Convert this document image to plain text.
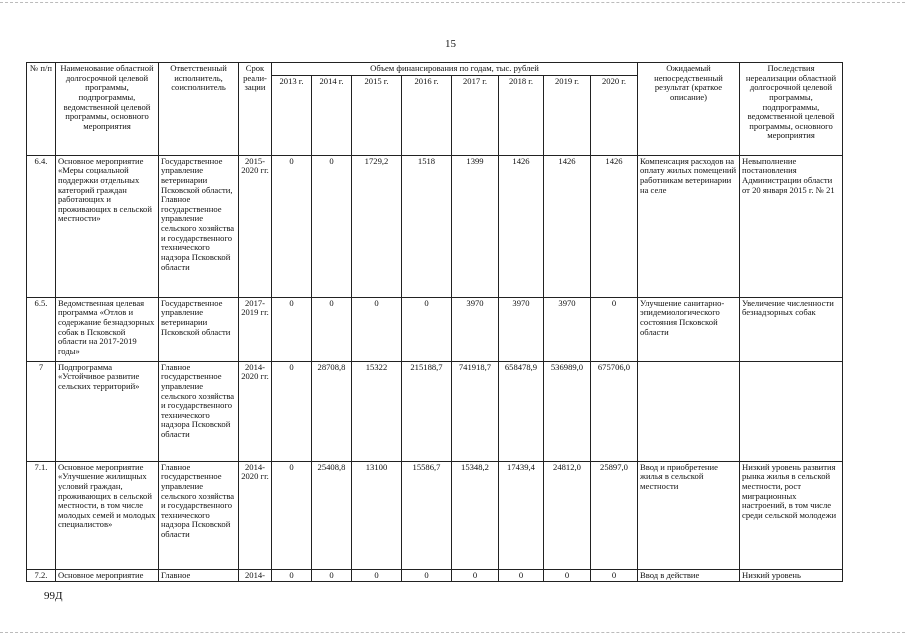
15
№ п/п	Наименование областной долгосрочной целевой программы, подпрограммы, ведомственной целевой программы, основного мероприятия	Ответственный исполнитель, соисполнитель	Срок реали-зации	Объем финансирования по годам, тыс. рублей								Ожидаемый непосредственный результат (краткое описание)	Последствия нереализации областной долгосрочной целевой программы, подпрограммы, ведомственной целевой программы, основного мероприятия
				2013 г.	2014 г.	2015 г.	2016 г.	2017 г.	2018 г.	2019 г.	2020 г.		
6.4.	Основное мероприятие «Меры социальной поддержки отдельных категорий граждан работающих и проживающих в сельской местности»	Государственное управление ветеринарии Псковской области, Главное государственное управление сельского хозяйства и государственного технического надзора Псковской области	2015-2020 гг.	0	0	1729,2	1518	1399	1426	1426	1426	Компенсация расходов на оплату жилых помещений работникам ветеринарии на селе	Невыполнение постановления Администрации области от 20 января 2015 г. № 21
6.5.	Ведомственная целевая программа «Отлов и содержание безнадзорных собак в Псковской области на 2017-2019 годы»	Государственное управление ветеринарии Псковской области	2017-2019 гг.	0	0	0	0	3970	3970	3970	0	Улучшение санитарно-эпидемиологического состояния Псковской области	Увеличение численности безнадзорных собак
7	Подпрограмма «Устойчивое развитие сельских территорий»	Главное государственное управление сельского хозяйства и государственного технического надзора Псковской области	2014-2020 гг.	0	28708,8	15322	215188,7	741918,7	658478,9	536989,0	675706,0		
7.1.	Основное мероприятие «Улучшение жилищных условий граждан, проживающих в сельской местности, в том числе молодых семей и молодых специалистов»	Главное государственное управление сельского хозяйства и государственного технического надзора Псковской области	2014-2020 гг.	0	25408,8	13100	15586,7	15348,2	17439,4	24812,0	25897,0	Ввод и приобретение жилья в сельской местности	Низкий уровень развития рынка жилья в сельской местности, рост миграционных настроений, в том числе среди сельской молодежи
7.2.	Основное мероприятие	Главное	2014-	0	0	0	0	0	0	0	0	Ввод в действие	Низкий уровень
99Д
